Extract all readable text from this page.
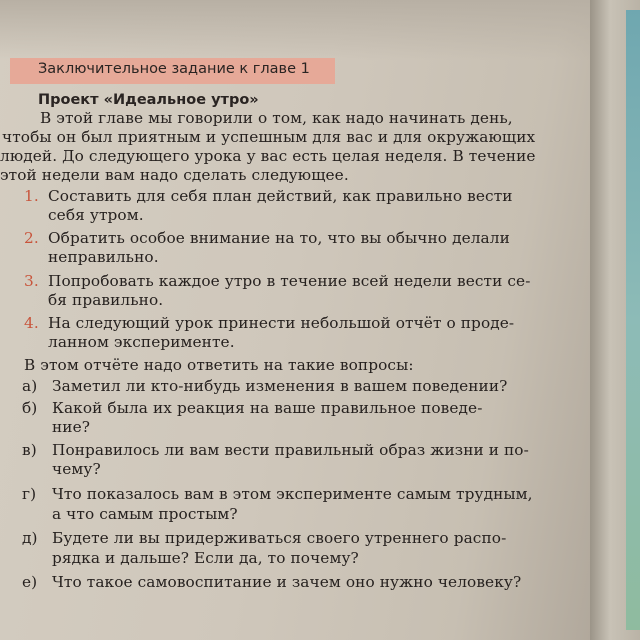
Заключительное задание к главе 1
Проект «Идеальное утро»
В этой главе мы говорили о том, как надо начинать день,
чтобы он был приятным и успешным для вас и для окружающих
людей. До следующего урока у вас есть целая неделя. В течение
этой недели вам надо сделать следующее.
1. Составить для себя план действий, как правильно вести
себя утром.
2. Обратить особое внимание на то, что вы обычно делали
неправильно.
3. Попробовать каждое утро в течение всей недели вести се-
бя правильно.
4. На следующий урок принести небольшой отчёт о проде-
ланном эксперименте.
В этом отчёте надо ответить на такие вопросы:
а) Заметил ли кто-нибудь изменения в вашем поведении?
б) Какой была их реакция на ваше правильное поведе-
ние?
в) Понравилось ли вам вести правильный образ жизни и по-
чему?
г) Что показалось вам в этом эксперименте самым трудным,
а что самым простым?
д) Будете ли вы придерживаться своего утреннего распо-
рядка и дальше? Если да, то почему?
е) Что такое самовоспитание и зачем оно нужно человеку?
